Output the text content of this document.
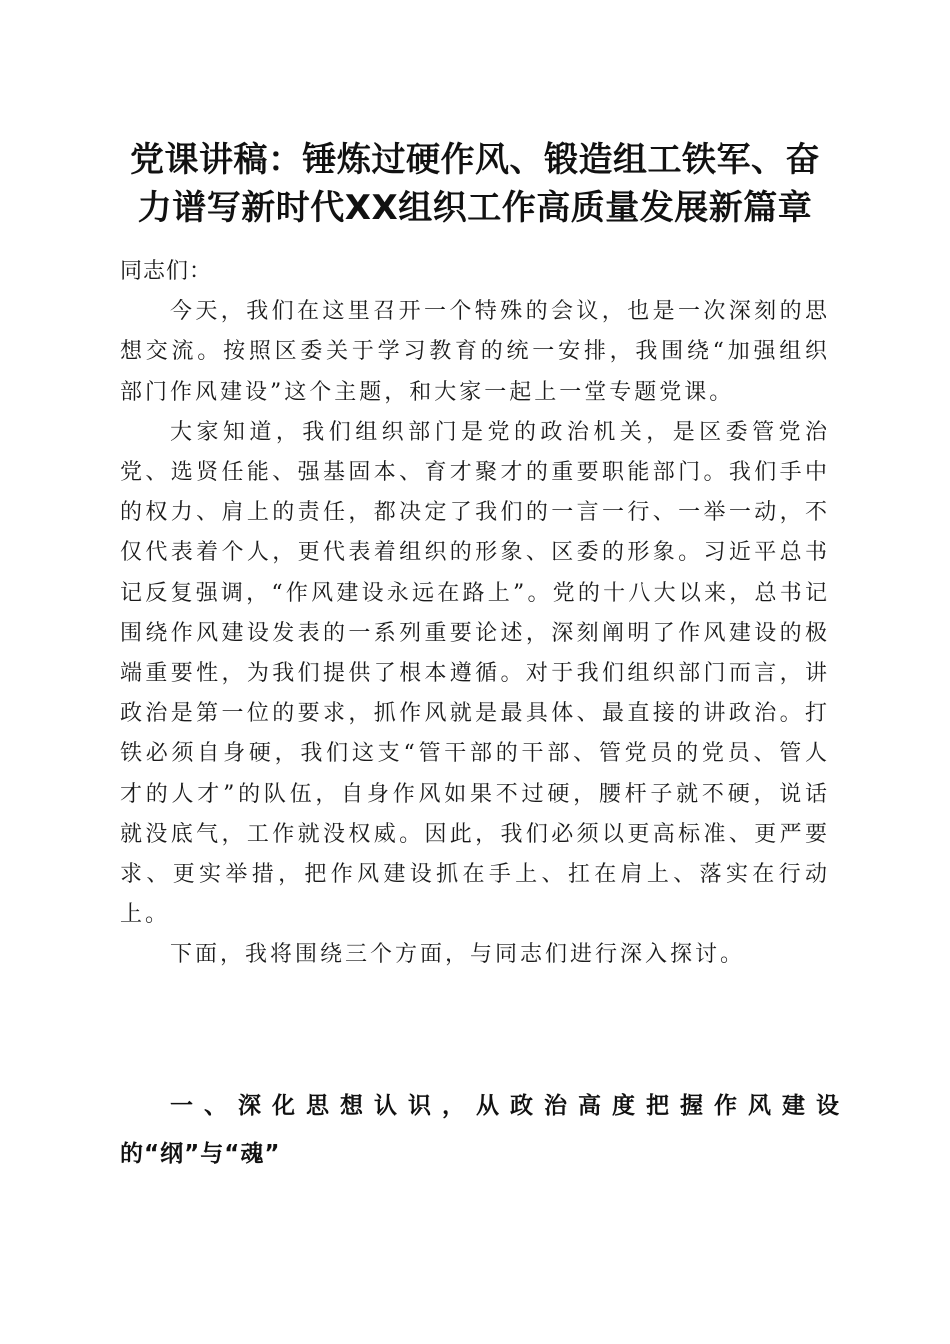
党课讲稿：锤炼过硬作风、锻造组工铁军、奋
力谱写新时代XX组织工作高质量发展新篇章

同志们：

今天，我们在这里召开一个特殊的会议，也是一次深刻的思想交流。按照区委关于学习教育的统一安排，我围绕“加强组织部门作风建设”这个主题，和大家一起上一堂专题党课。

大家知道，我们组织部门是党的政治机关，是区委管党治党、选贤任能、强基固本、育才聚才的重要职能部门。我们手中的权力、肩上的责任，都决定了我们的一言一行、一举一动，不仅代表着个人，更代表着组织的形象、区委的形象。习近平总书记反复强调，“作风建设永远在路上”。党的十八大以来，总书记围绕作风建设发表的一系列重要论述，深刻阐明了作风建设的极端重要性，为我们提供了根本遵循。对于我们组织部门而言，讲政治是第一位的要求，抓作风就是最具体、最直接的讲政治。打铁必须自身硬，我们这支“管干部的干部、管党员的党员、管人才的人才”的队伍，自身作风如果不过硬，腰杆子就不硬，说话就没底气，工作就没权威。因此，我们必须以更高标准、更严要求、更实举措，把作风建设抓在手上、扛在肩上、落实在行动上。

下面，我将围绕三个方面，与同志们进行深入探讨。

一、深化思想认识，从政治高度把握作风建设
的“纲”与“魂”
